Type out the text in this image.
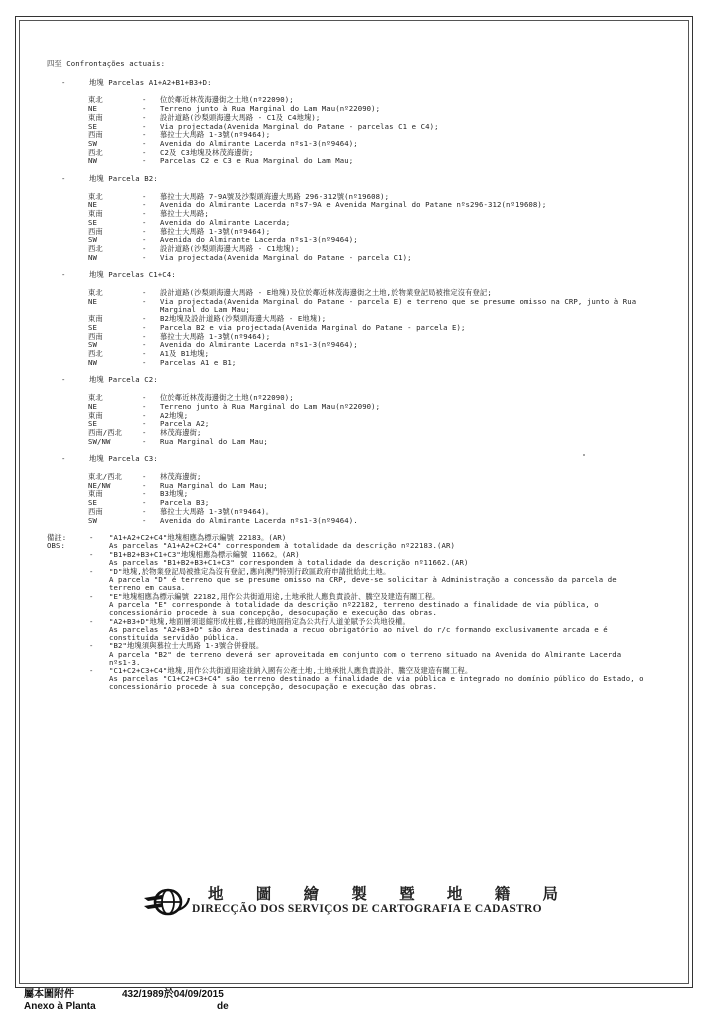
四至 Confrontações actuais:
-	地塊 Parcelas A1+A2+B1+B3+D:
東北	-	位於鄰近林茂海邊街之土地(nº22090);
NE	-	Terreno junto à Rua Marginal do Lam Mau(nº22090);
東南	-	設計道路(沙梨頭海邊大馬路 - C1及 C4地塊);
SE	-	Via projectada(Avenida Marginal do Patane - parcelas C1 e C4);
西南	-	慕拉士大馬路 1-3號(nº9464);
SW	-	Avenida do Almirante Lacerda nºs1-3(nº9464);
西北	-	C2及 C3地塊及林茂海邊街;
NW	-	Parcelas C2 e C3 e Rua Marginal do Lam Mau;
-	地塊 Parcela B2:
東北	-	慕拉士大馬路 7-9A號及沙梨頭海邊大馬路 296-312號(nº19608);
NE	-	Avenida do Almirante Lacerda nºs7-9A e Avenida Marginal do Patane nºs296-312(nº19608);
東南	-	慕拉士大馬路;
SE	-	Avenida do Almirante Lacerda;
西南	-	慕拉士大馬路 1-3號(nº9464);
SW	-	Avenida do Almirante Lacerda nºs1-3(nº9464);
西北	-	設計道路(沙梨頭海邊大馬路 - C1地塊);
NW	-	Via projectada(Avenida Marginal do Patane - parcela C1);
-	地塊 Parcelas C1+C4:
東北	-	設計道路(沙梨頭海邊大馬路 - E地塊)及位於鄰近林茂海邊街之土地,於物業登記局被推定沒有登記;
NE	-	Via projectada(Avenida Marginal do Patane - parcela E) e terreno que se presume omisso na CRP, junto à Rua Marginal do Lam Mau;
東南	-	B2地塊及設計道路(沙梨頭海邊大馬路 - E地塊);
SE	-	Parcela B2 e via projectada(Avenida Marginal do Patane - parcela E);
西南	-	慕拉士大馬路 1-3號(nº9464);
SW	-	Avenida do Almirante Lacerda nºs1-3(nº9464);
西北	-	A1及 B1地塊;
NW	-	Parcelas A1 e B1;
-	地塊 Parcela C2:
東北	-	位於鄰近林茂海邊街之土地(nº22090);
NE	-	Terreno junto à Rua Marginal do Lam Mau(nº22090);
東南	-	A2地塊;
SE	-	Parcela A2;
西南/西北	-	林茂海邊街;
SW/NW	-	Rua Marginal do Lam Mau;
-	地塊 Parcela C3:
東北/西北	-	林茂海邊街;
NE/NW	-	Rua Marginal do Lam Mau;
東南	-	B3地塊;
SE	-	Parcela B3;
西南	-	慕拉士大馬路 1-3號(nº9464)。
SW	-	Avenida do Almirante Lacerda nºs1-3(nº9464).
備註:
OBS:
-	"A1+A2+C2+C4"地塊相應為標示編號 22183。(AR)
As parcelas "A1+A2+C2+C4" correspondem à totalidade da descrição nº22183.(AR)
-	"B1+B2+B3+C1+C3"地塊相應為標示編號 11662。(AR)
As parcelas "B1+B2+B3+C1+C3" correspondem à totalidade da descrição nº11662.(AR)
-	"D"地塊,於物業登記局被推定為沒有登記,應向澳門特別行政區政府申請批給此土地。
A parcela "D" é terreno que se presume omisso na CRP, deve-se solicitar à Administração a concessão da parcela de terreno em causa.
-	"E"地塊相應為標示編號 22182,用作公共街道用途,土地承批人應負責設計、騰空及建造有關工程。
A parcela "E" corresponde à totalidade da descrição nº22182, terreno destinado a finalidade de via pública, o concessionário procede à sua concepção, desocupação e execução das obras.
-	"A2+B3+D"地塊,地面層須退縮形成柱廊,柱廊的地面指定為公共行人道並賦予公共地役權。
As parcelas "A2+B3+D" são área destinada a recuo obrigatório ao nível do r/c formando exclusivamente arcada e é constituída servidão pública.
-	"B2"地塊須與慕拉士大馬路 1-3號合併發展。
A parcela "B2" de terreno deverá ser aproveitada em conjunto com o terreno situado na Avenida do Almirante Lacerda nºs1-3.
-	"C1+C2+C3+C4"地塊,用作公共街道用途並納入國有公產土地,土地承批人應負責設計、騰空及建造有關工程。
As parcelas "C1+C2+C3+C4" são terreno destinado a finalidade de via pública e integrado no domínio público do Estado, o concessionário procede à sua concepção, desocupação e execução das obras.
地 圖 繪 製 暨 地 籍 局
DIRECÇÃO DOS SERVIÇOS DE CARTOGRAFIA E CADASTRO
屬本圖附件	432/1989於04/09/2015
Anexo à Planta	de
